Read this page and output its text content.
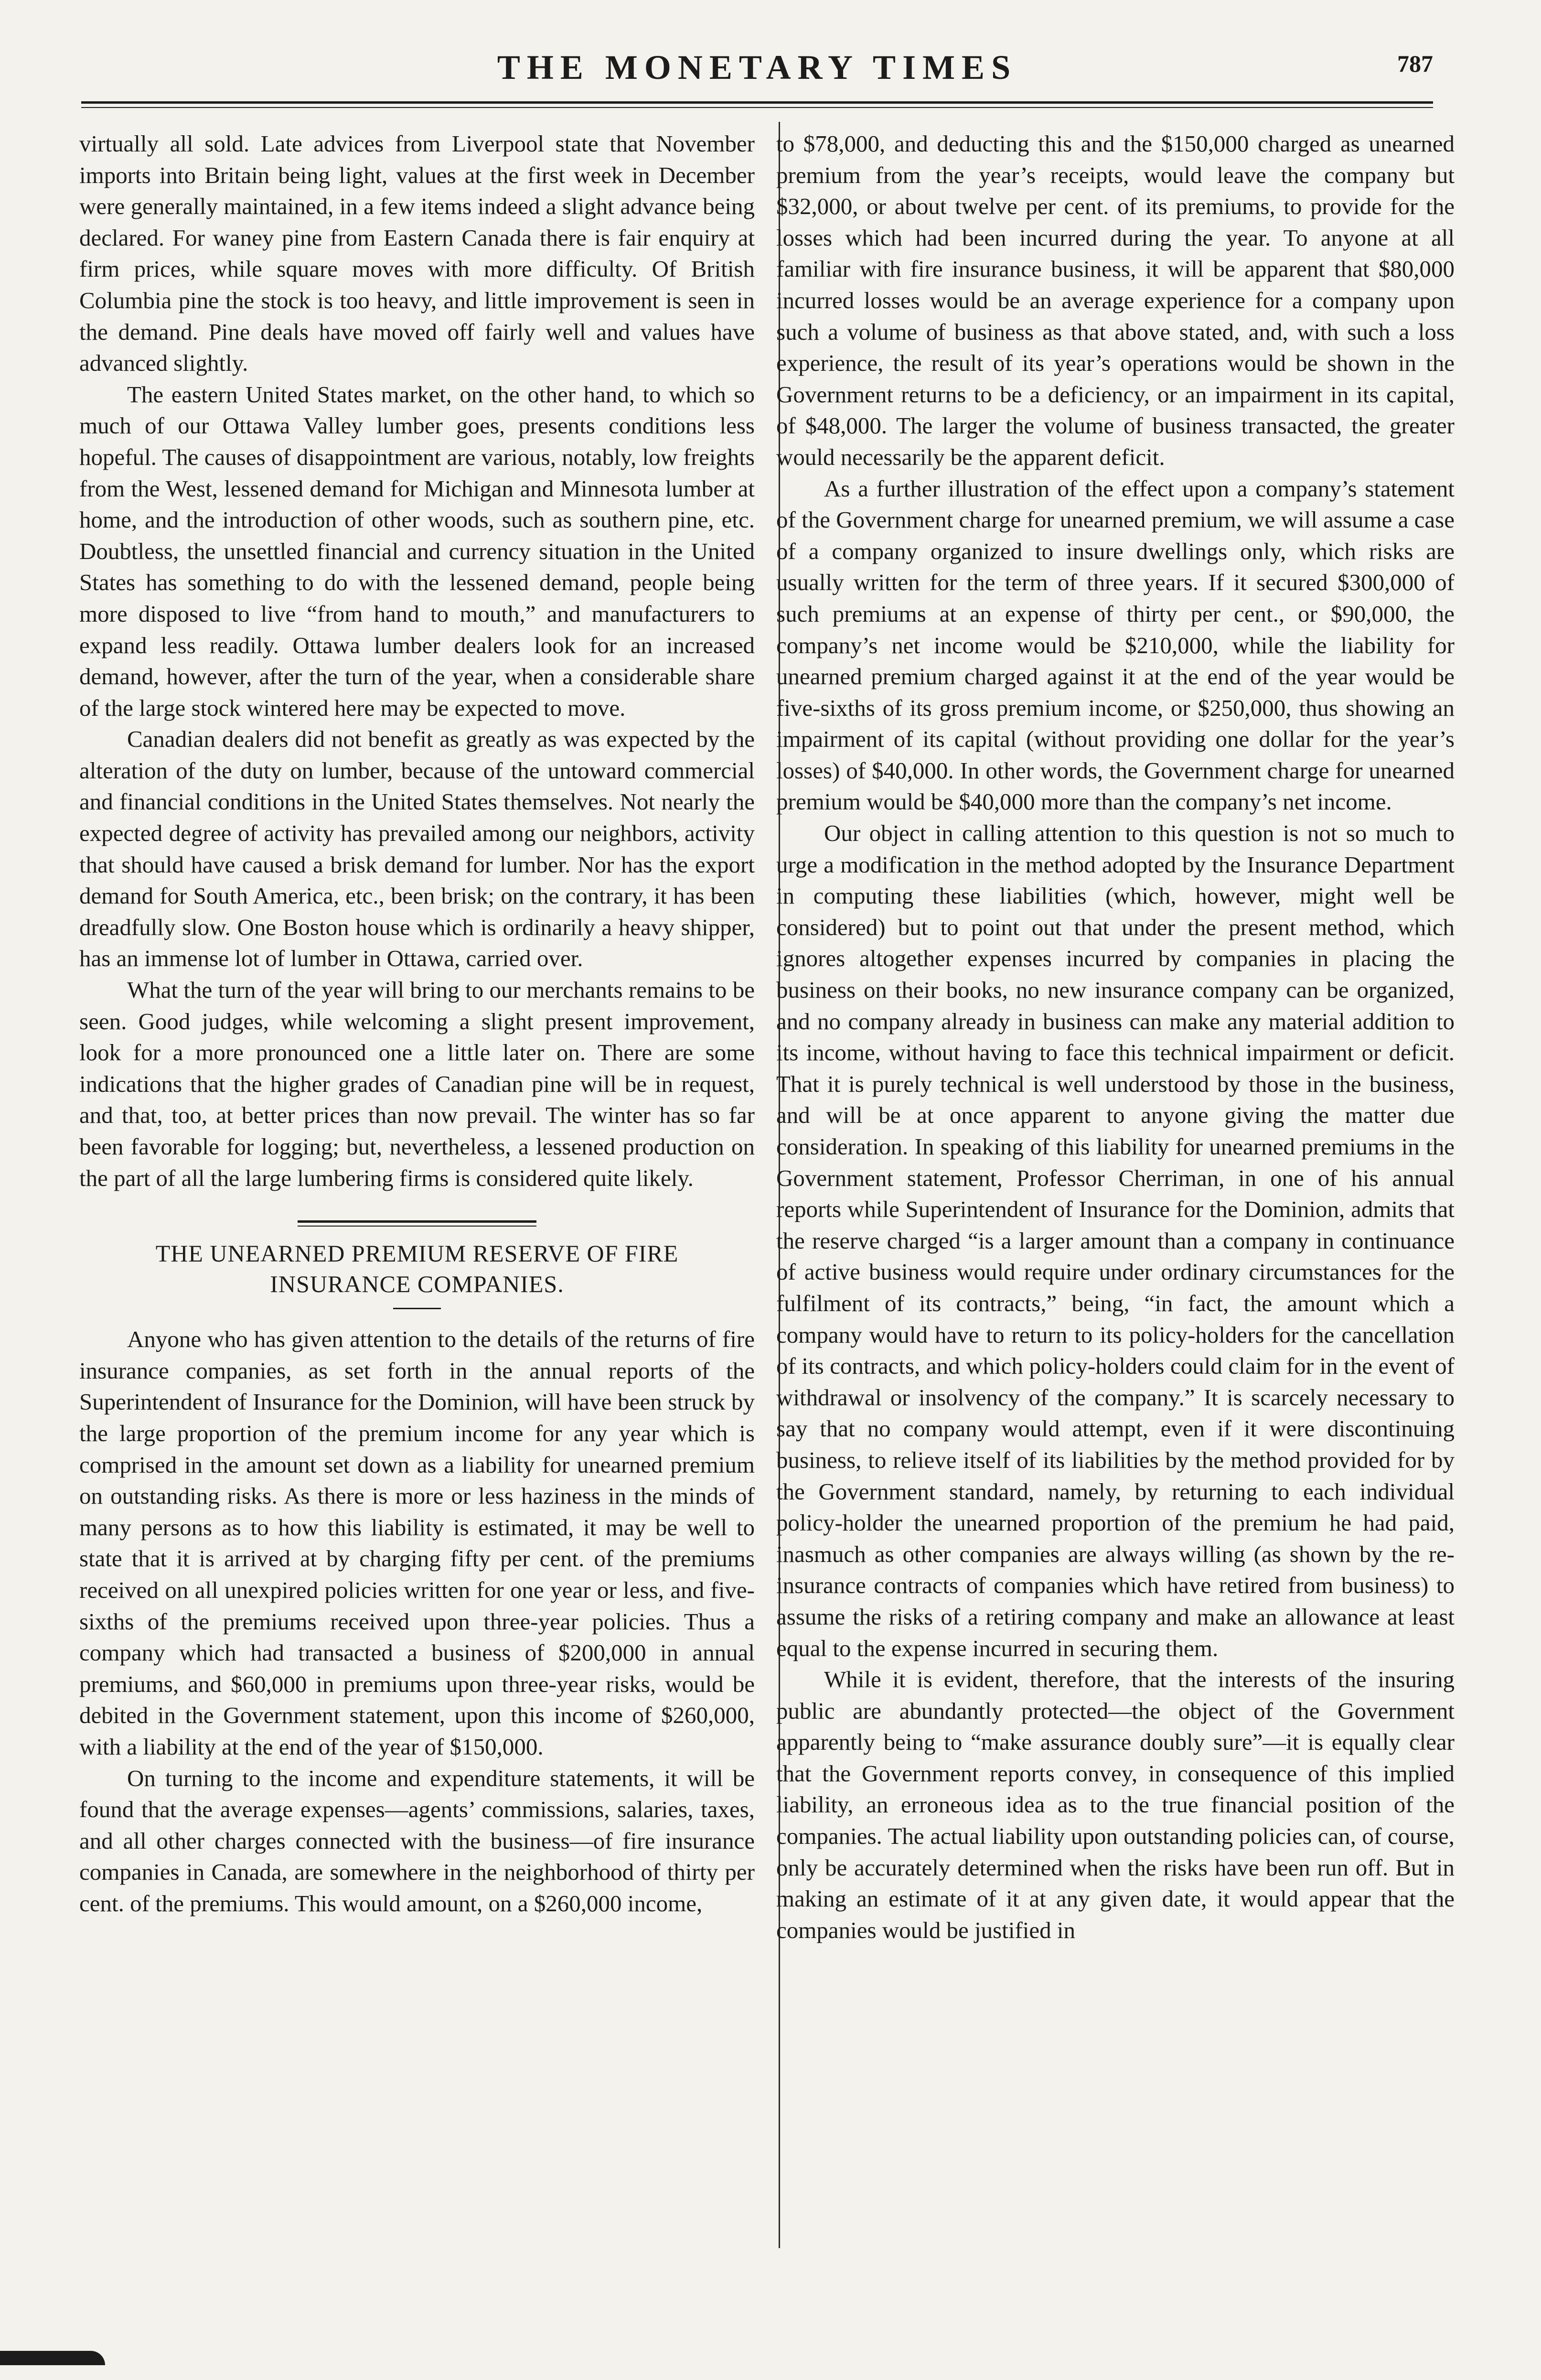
THE MONETARY TIMES	787

virtually all sold. Late advices from Liverpool state that November imports into Britain being light, values at the first week in December were generally maintained, in a few items indeed a slight advance being declared. For waney pine from Eastern Canada there is fair enquiry at firm prices, while square moves with more difficulty. Of British Columbia pine the stock is too heavy, and little improvement is seen in the demand. Pine deals have moved off fairly well and values have advanced slightly.

The eastern United States market, on the other hand, to which so much of our Ottawa Valley lumber goes, presents conditions less hopeful. The causes of disappointment are various, notably, low freights from the West, lessened demand for Michigan and Minnesota lumber at home, and the introduction of other woods, such as southern pine, etc. Doubtless, the unsettled financial and currency situation in the United States has something to do with the lessened demand, people being more disposed to live “from hand to mouth,” and manufacturers to expand less readily. Ottawa lumber dealers look for an increased demand, however, after the turn of the year, when a considerable share of the large stock wintered here may be expected to move.

Canadian dealers did not benefit as greatly as was expected by the alteration of the duty on lumber, because of the untoward commercial and financial conditions in the United States themselves. Not nearly the expected degree of activity has prevailed among our neighbors, activity that should have caused a brisk demand for lumber. Nor has the export demand for South America, etc., been brisk; on the contrary, it has been dreadfully slow. One Boston house which is ordinarily a heavy shipper, has an immense lot of lumber in Ottawa, carried over.

What the turn of the year will bring to our merchants remains to be seen. Good judges, while welcoming a slight present improvement, look for a more pronounced one a little later on. There are some indications that the higher grades of Canadian pine will be in request, and that, too, at better prices than now prevail. The winter has so far been favorable for logging; but, nevertheless, a lessened production on the part of all the large lumbering firms is considered quite likely.

THE UNEARNED PREMIUM RESERVE OF FIRE
INSURANCE COMPANIES.

Anyone who has given attention to the details of the returns of fire insurance companies, as set forth in the annual reports of the Superintendent of Insurance for the Dominion, will have been struck by the large proportion of the premium income for any year which is comprised in the amount set down as a liability for unearned premium on outstanding risks. As there is more or less haziness in the minds of many persons as to how this liability is estimated, it may be well to state that it is arrived at by charging fifty per cent. of the premiums received on all unexpired policies written for one year or less, and five-sixths of the premiums received upon three-year policies. Thus a company which had transacted a business of $200,000 in annual premiums, and $60,000 in premiums upon three-year risks, would be debited in the Government statement, upon this income of $260,000, with a liability at the end of the year of $150,000.

On turning to the income and expenditure statements, it will be found that the average expenses—agents’ commissions, salaries, taxes, and all other charges connected with the business—of fire insurance companies in Canada, are somewhere in the neighborhood of thirty per cent. of the premiums. This would amount, on a $260,000 income,

to $78,000, and deducting this and the $150,000 charged as unearned premium from the year’s receipts, would leave the company but $32,000, or about twelve per cent. of its premiums, to provide for the losses which had been incurred during the year. To anyone at all familiar with fire insurance business, it will be apparent that $80,000 incurred losses would be an average experience for a company upon such a volume of business as that above stated, and, with such a loss experience, the result of its year’s operations would be shown in the Government returns to be a deficiency, or an impairment in its capital, of $48,000. The larger the volume of business transacted, the greater would necessarily be the apparent deficit.

As a further illustration of the effect upon a company’s statement of the Government charge for unearned premium, we will assume a case of a company organized to insure dwellings only, which risks are usually written for the term of three years. If it secured $300,000 of such premiums at an expense of thirty per cent., or $90,000, the company’s net income would be $210,000, while the liability for unearned premium charged against it at the end of the year would be five-sixths of its gross premium income, or $250,000, thus showing an impairment of its capital (without providing one dollar for the year’s losses) of $40,000. In other words, the Government charge for unearned premium would be $40,000 more than the company’s net income.

Our object in calling attention to this question is not so much to urge a modification in the method adopted by the Insurance Department in computing these liabilities (which, however, might well be considered) but to point out that under the present method, which ignores altogether expenses incurred by companies in placing the business on their books, no new insurance company can be organized, and no company already in business can make any material addition to its income, without having to face this technical impairment or deficit. That it is purely technical is well understood by those in the business, and will be at once apparent to anyone giving the matter due consideration. In speaking of this liability for unearned premiums in the Government statement, Professor Cherriman, in one of his annual reports while Superintendent of Insurance for the Dominion, admits that the reserve charged “is a larger amount than a company in continuance of active business would require under ordinary circumstances for the fulfilment of its contracts,” being, “in fact, the amount which a company would have to return to its policy-holders for the cancellation of its contracts, and which policy-holders could claim for in the event of withdrawal or insolvency of the company.” It is scarcely necessary to say that no company would attempt, even if it were discontinuing business, to relieve itself of its liabilities by the method provided for by the Government standard, namely, by returning to each individual policy-holder the unearned proportion of the premium he had paid, inasmuch as other companies are always willing (as shown by the re-insurance contracts of companies which have retired from business) to assume the risks of a retiring company and make an allowance at least equal to the expense incurred in securing them.

While it is evident, therefore, that the interests of the insuring public are abundantly protected—the object of the Government apparently being to “make assurance doubly sure”—it is equally clear that the Government reports convey, in consequence of this implied liability, an erroneous idea as to the true financial position of the companies. The actual liability upon outstanding policies can, of course, only be accurately determined when the risks have been run off. But in making an estimate of it at any given date, it would appear that the companies would be justified in
